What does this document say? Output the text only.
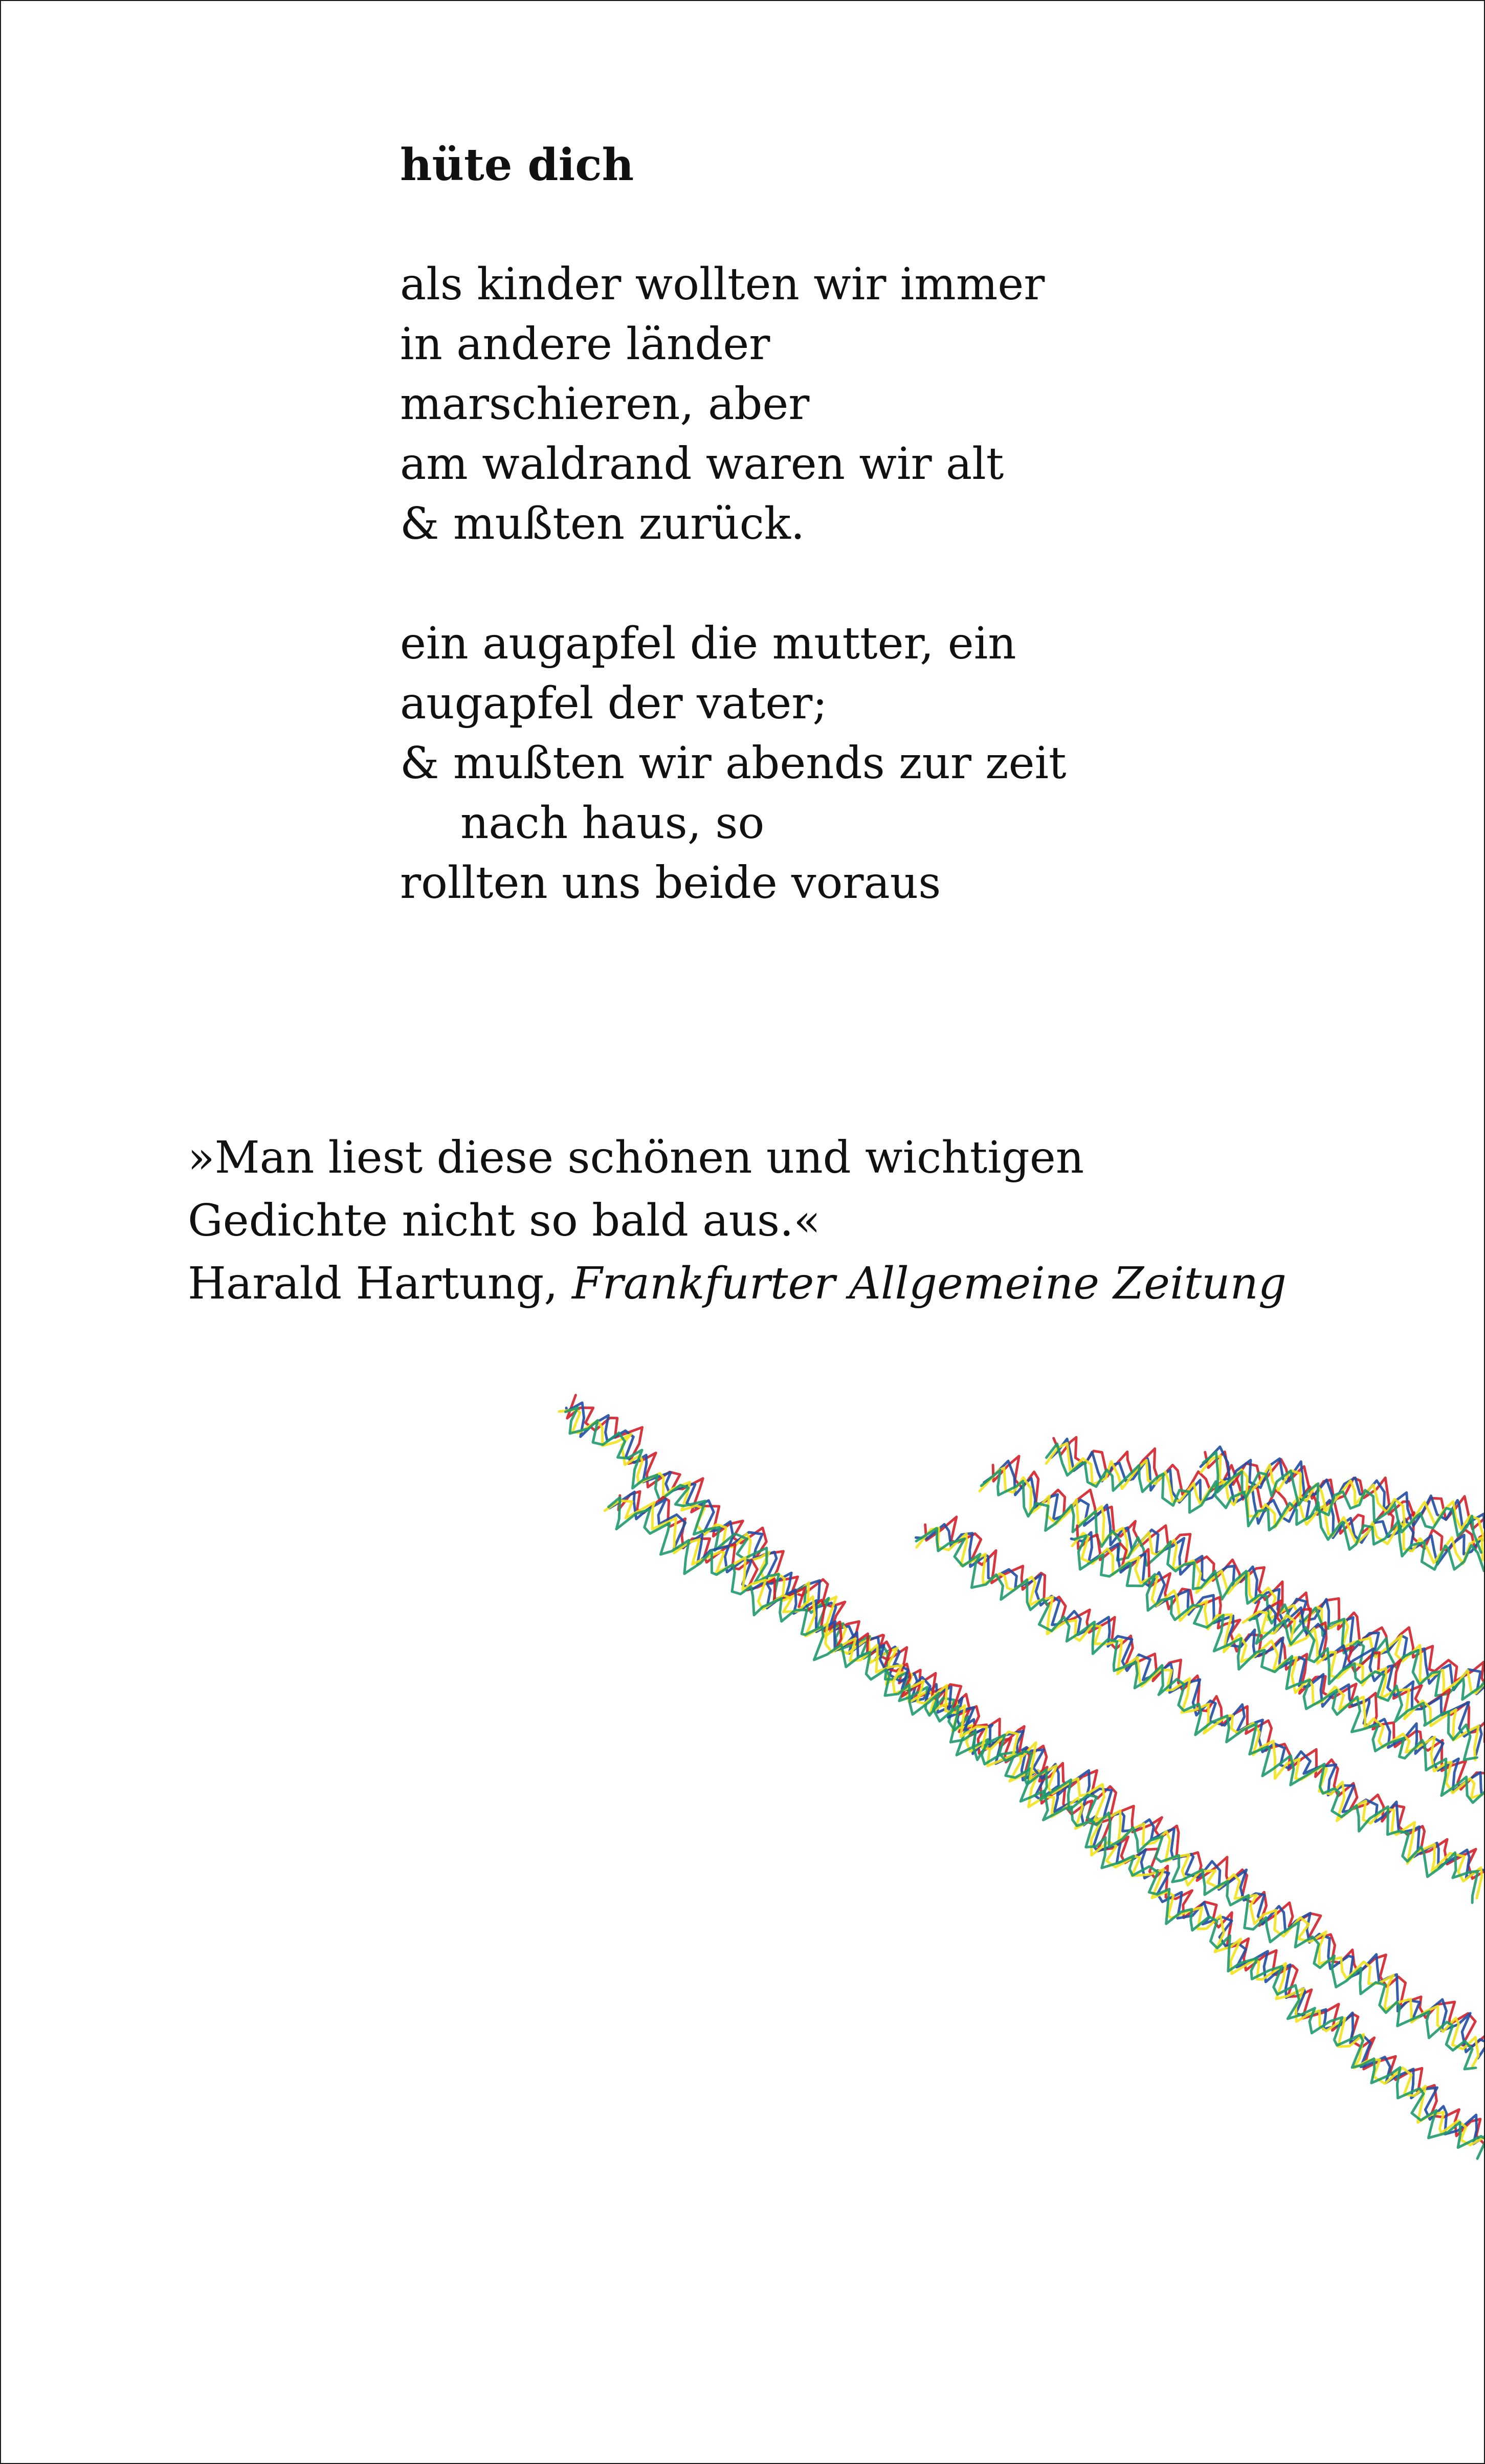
hüte dich
als kinder wollten wir immer
in andere länder
marschieren, aber
am waldrand waren wir alt
& mußten zurück.
ein augapfel die mutter, ein
augapfel der vater;
& mußten wir abends zur zeit
nach haus, so
rollten uns beide voraus
»Man liest diese schönen und wichtigen
Gedichte nicht so bald aus.«
Harald Hartung, Frankfurter Allgemeine Zeitung
